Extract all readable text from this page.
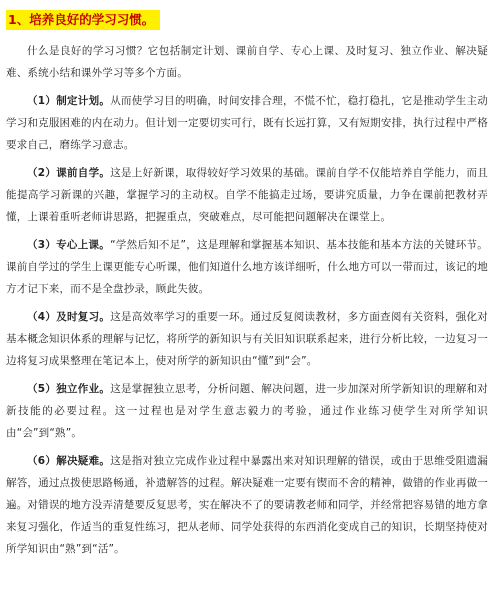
1、培养良好的学习习惯。

什么是良好的学习习惯？它包括制定计划、课前自学、专心上课、及时复习、独立作业、解决疑难、系统小结和课外学习等多个方面。

（1）制定计划。从而使学习目的明确，时间安排合理，不慌不忙，稳打稳扎，它是推动学生主动学习和克服困难的内在动力。但计划一定要切实可行，既有长远打算，又有短期安排，执行过程中严格要求自己，磨练学习意志。

（2）课前自学。这是上好新课，取得较好学习效果的基础。课前自学不仅能培养自学能力，而且能提高学习新课的兴趣，掌握学习的主动权。自学不能搞走过场，要讲究质量，力争在课前把教材弄懂，上课着重听老师讲思路，把握重点，突破难点，尽可能把问题解决在课堂上。

（3）专心上课。“学然后知不足”，这是理解和掌握基本知识、基本技能和基本方法的关键环节。课前自学过的学生上课更能专心听课，他们知道什么地方该详细听，什么地方可以一带而过，该记的地方才记下来，而不是全盘抄录，顾此失彼。

（4）及时复习。这是高效率学习的重要一环。通过反复阅读教材，多方面查阅有关资料，强化对基本概念知识体系的理解与记忆，将所学的新知识与有关旧知识联系起来，进行分析比较，一边复习一边将复习成果整理在笔记本上，使对所学的新知识由“懂”到“会”。

（5）独立作业。这是掌握独立思考，分析问题、解决问题，进一步加深对所学新知识的理解和对新技能的必要过程。这一过程也是对学生意志毅力的考验，通过作业练习使学生对所学知识由“会”到“熟”。

（6）解决疑难。这是指对独立完成作业过程中暴露出来对知识理解的错误，或由于思维受阻遗漏解答，通过点拨使思路畅通，补遗解答的过程。解决疑难一定要有锲而不舍的精神，做错的作业再做一遍。对错误的地方没弄清楚要反复思考，实在解决不了的要请教老师和同学，并经常把容易错的地方拿来复习强化，作适当的重复性练习，把从老师、同学处获得的东西消化变成自己的知识，长期坚持使对所学知识由“熟”到“活”。
